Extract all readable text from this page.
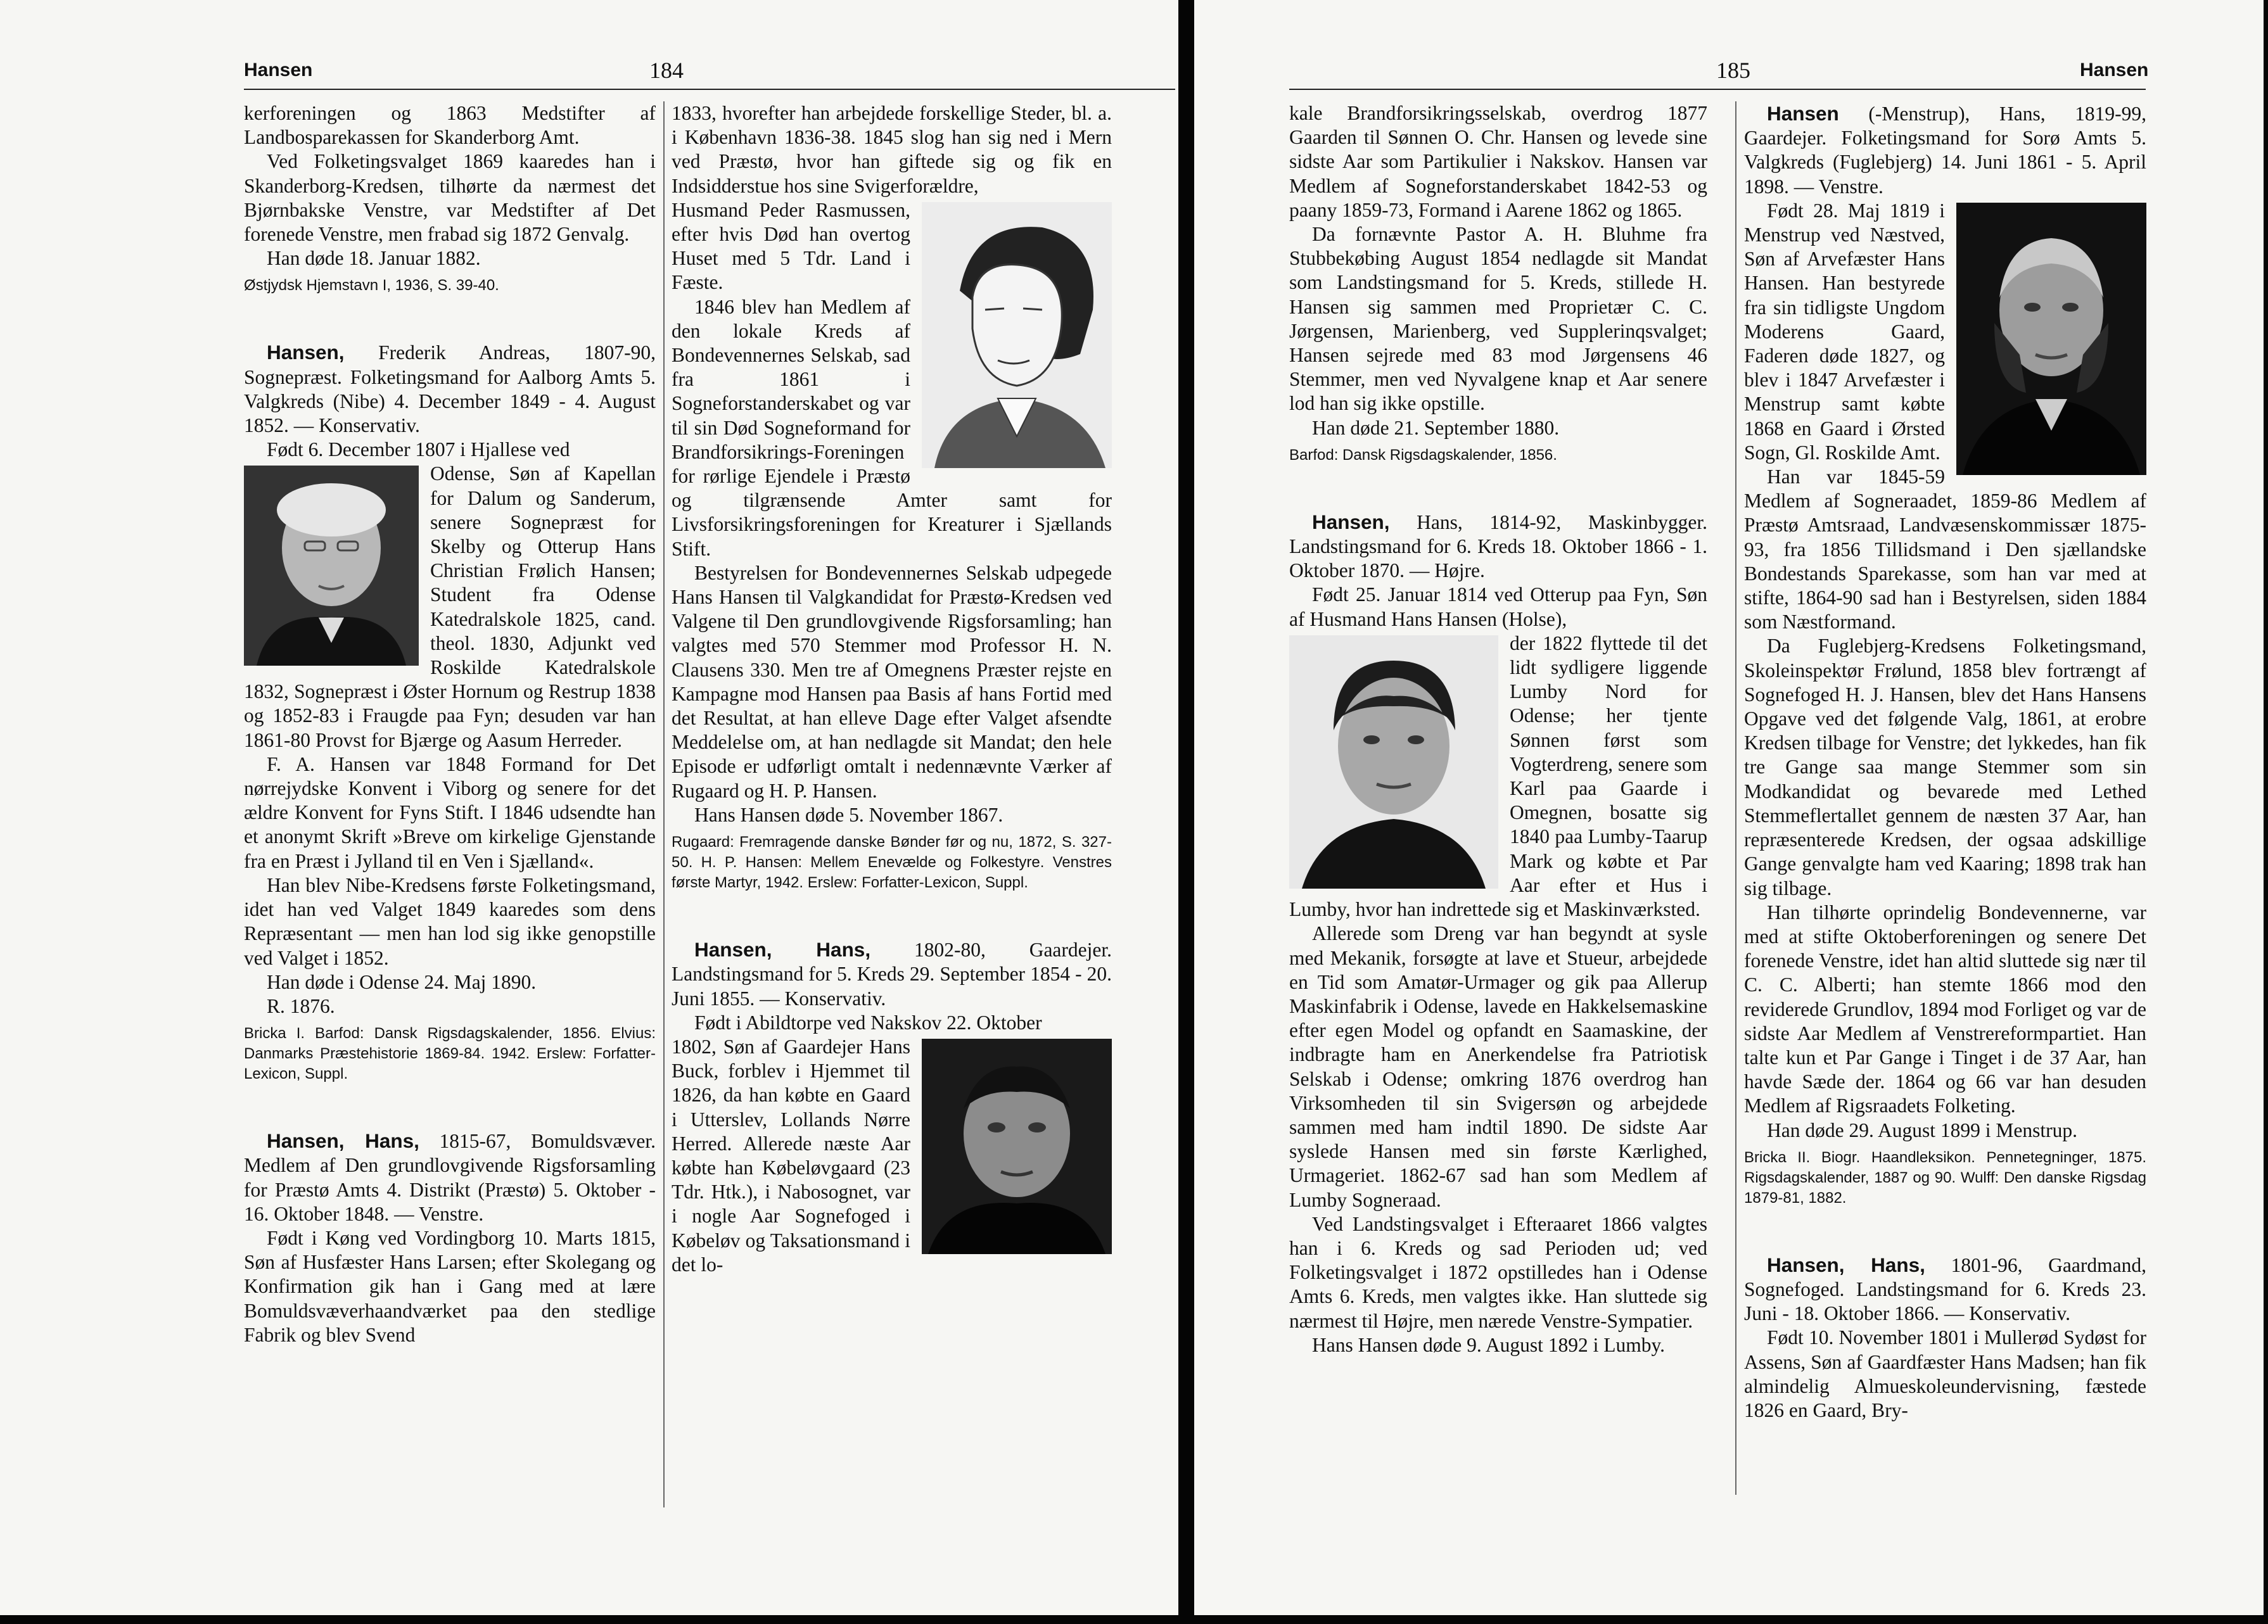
Hansen	184

kerforeningen og 1863 Medstifter af Landbosparekassen for Skanderborg Amt.

Ved Folketingsvalget 1869 kaaredes han i Skanderborg-Kredsen, tilhørte da nærmest det Bjørnbakske Venstre, var Medstifter af Det forenede Venstre, men frabad sig 1872 Genvalg.

Han døde 18. Januar 1882.

Østjydsk Hjemstavn I, 1936, S. 39-40.

Hansen, Frederik Andreas, 1807-90, Sognepræst. Folketingsmand for Aalborg Amts 5. Valgkreds (Nibe) 4. December 1849 - 4. August 1852. — Konservativ.

Født 6. December 1807 i Hjallese ved

Odense, Søn af Kapellan for Dalum og Sanderum, senere Sognepræst for Skelby og Otterup Hans Christian Frølich Hansen; Student fra Odense Katedralskole 1825, cand. theol. 1830, Adjunkt ved Roskilde Katedralskole 1832, Sognepræst i Øster Hornum og Restrup 1838 og 1852-83 i Fraugde paa Fyn; desuden var han 1861-80 Provst for Bjærge og Aasum Herreder.

F. A. Hansen var 1848 Formand for Det nørrejydske Konvent i Viborg og senere for det ældre Konvent for Fyns Stift. I 1846 udsendte han et anonymt Skrift »Breve om kirkelige Gjenstande fra en Præst i Jylland til en Ven i Sjælland«.

Han blev Nibe-Kredsens første Folketingsmand, idet han ved Valget 1849 kaaredes som dens Repræsentant — men han lod sig ikke genopstille ved Valget i 1852.

Han døde i Odense 24. Maj 1890.

R. 1876.

Bricka I. Barfod: Dansk Rigsdagskalender, 1856. Elvius: Danmarks Præstehistorie 1869-84. 1942. Erslew: Forfatter-Lexicon, Suppl.

Hansen, Hans, 1815-67, Bomuldsvæver. Medlem af Den grundlovgivende Rigsforsamling for Præstø Amts 4. Distrikt (Præstø) 5. Oktober - 16. Oktober 1848. — Venstre.

Født i Køng ved Vordingborg 10. Marts 1815, Søn af Husfæster Hans Larsen; efter Skolegang og Konfirmation gik han i Gang med at lære Bomuldsvæverhaandværket paa den stedlige Fabrik og blev Svend

1833, hvorefter han arbejdede forskellige Steder, bl. a. i København 1836-38. 1845 slog han sig ned i Mern ved Præstø, hvor han giftede sig og fik en Indsidderstue hos sine Svigerforældre,

Husmand Peder Rasmussen, efter hvis Død han overtog Huset med 5 Tdr. Land i Fæste.

1846 blev han Medlem af den lokale Kreds af Bondevennernes Selskab, sad fra 1861 i Sogneforstanderskabet og var til sin Død Sogneformand for Brandforsikrings-Foreningen for rørlige Ejendele i Præstø og tilgrænsende Amter samt for Livsforsikringsforeningen for Kreaturer i Sjællands Stift.

Bestyrelsen for Bondevennernes Selskab udpegede Hans Hansen til Valgkandidat for Præstø-Kredsen ved Valgene til Den grundlovgivende Rigsforsamling; han valgtes med 570 Stemmer mod Professor H. N. Clausens 330. Men tre af Omegnens Præster rejste en Kampagne mod Hansen paa Basis af hans Fortid med det Resultat, at han elleve Dage efter Valget afsendte Meddelelse om, at han nedlagde sit Mandat; den hele Episode er udførligt omtalt i nedennævnte Værker af Rugaard og H. P. Hansen.

Hans Hansen døde 5. November 1867.

Rugaard: Fremragende danske Bønder før og nu, 1872, S. 327-50. H. P. Hansen: Mellem Enevælde og Folkestyre. Venstres første Martyr, 1942. Erslew: Forfatter-Lexicon, Suppl.

Hansen, Hans, 1802-80, Gaardejer. Landstingsmand for 5. Kreds 29. September 1854 - 20. Juni 1855. — Konservativ.

Født i Abildtorpe ved Nakskov 22. Oktober

1802, Søn af Gaardejer Hans Buck, forblev i Hjemmet til 1826, da han købte en Gaard i Utterslev, Lollands Nørre Herred. Allerede næste Aar købte han Købeløvgaard (23 Tdr. Htk.), i Nabosognet, var i nogle Aar Sognefoged i Købeløv og Taksationsmand i det lo-

185	Hansen

kale Brandforsikringsselskab, overdrog 1877 Gaarden til Sønnen O. Chr. Hansen og levede sine sidste Aar som Partikulier i Nakskov. Hansen var Medlem af Sogneforstanderskabet 1842-53 og paany 1859-73, Formand i Aarene 1862 og 1865.

Da fornævnte Pastor A. H. Bluhme fra Stubbekøbing August 1854 nedlagde sit Mandat som Landstingsmand for 5. Kreds, stillede H. Hansen sig sammen med Proprietær C. C. Jørgensen, Marienberg, ved Supplerinqsvalget; Hansen sejrede med 83 mod Jørgensens 46 Stemmer, men ved Nyvalgene knap et Aar senere lod han sig ikke opstille.

Han døde 21. September 1880.

Barfod: Dansk Rigsdagskalender, 1856.

Hansen, Hans, 1814-92, Maskinbygger. Landstingsmand for 6. Kreds 18. Oktober 1866 - 1. Oktober 1870. — Højre.

Født 25. Januar 1814 ved Otterup paa Fyn, Søn af Husmand Hans Hansen (Holse),

der 1822 flyttede til det lidt sydligere liggende Lumby Nord for Odense; her tjente Sønnen først som Vogterdreng, senere som Karl paa Gaarde i Omegnen, bosatte sig 1840 paa Lumby-Taarup Mark og købte et Par Aar efter et Hus i Lumby, hvor han indrettede sig et Maskinværksted.

Allerede som Dreng var han begyndt at sysle med Mekanik, forsøgte at lave et Stueur, arbejdede en Tid som Amatør-Urmager og gik paa Allerup Maskinfabrik i Odense, lavede en Hakkelsemaskine efter egen Model og opfandt en Saamaskine, der indbragte ham en Anerkendelse fra Patriotisk Selskab i Odense; omkring 1876 overdrog han Virksomheden til sin Svigersøn og arbejdede sammen med ham indtil 1890. De sidste Aar syslede Hansen med sin første Kærlighed, Urmageriet. 1862-67 sad han som Medlem af Lumby Sogneraad.

Ved Landstingsvalget i Efteraaret 1866 valgtes han i 6. Kreds og sad Perioden ud; ved Folketingsvalget i 1872 opstilledes han i Odense Amts 6. Kreds, men valgtes ikke. Han sluttede sig nærmest til Højre, men nærede Venstre-Sympatier.

Hans Hansen døde 9. August 1892 i Lumby.

Hansen (-Menstrup), Hans, 1819-99, Gaardejer. Folketingsmand for Sorø Amts 5. Valgkreds (Fuglebjerg) 14. Juni 1861 - 5. April 1898. — Venstre.

Født 28. Maj 1819 i Menstrup ved Næstved, Søn af Arvefæster Hans Hansen. Han bestyrede fra sin tidligste Ungdom Moderens Gaard, Faderen døde 1827, og blev i 1847 Arvefæster i Menstrup samt købte 1868 en Gaard i Ørsted Sogn, Gl. Roskilde Amt.

Han var 1845-59 Medlem af Sogneraadet, 1859-86 Medlem af Præstø Amtsraad, Landvæsenskommissær 1875-93, fra 1856 Tillidsmand i Den sjællandske Bondestands Sparekasse, som han var med at stifte, 1864-90 sad han i Bestyrelsen, siden 1884 som Næstformand.

Da Fuglebjerg-Kredsens Folketingsmand, Skoleinspektør Frølund, 1858 blev fortrængt af Sognefoged H. J. Hansen, blev det Hans Hansens Opgave ved det følgende Valg, 1861, at erobre Kredsen tilbage for Venstre; det lykkedes, han fik tre Gange saa mange Stemmer som sin Modkandidat og bevarede med Lethed Stemmeflertallet gennem de næsten 37 Aar, han repræsenterede Kredsen, der ogsaa adskillige Gange genvalgte ham ved Kaaring; 1898 trak han sig tilbage.

Han tilhørte oprindelig Bondevennerne, var med at stifte Oktoberforeningen og senere Det forenede Venstre, idet han altid sluttede sig nær til C. C. Alberti; han stemte 1866 mod den reviderede Grundlov, 1894 mod Forliget og var de sidste Aar Medlem af Venstrereformpartiet. Han talte kun et Par Gange i Tinget i de 37 Aar, han havde Sæde der. 1864 og 66 var han desuden Medlem af Rigsraadets Folketing.

Han døde 29. August 1899 i Menstrup.

Bricka II. Biogr. Haandleksikon. Pennetegninger, 1875. Rigsdagskalender, 1887 og 90. Wulff: Den danske Rigsdag 1879-81, 1882.

Hansen, Hans, 1801-96, Gaardmand, Sognefoged. Landstingsmand for 6. Kreds 23. Juni - 18. Oktober 1866. — Konservativ.

Født 10. November 1801 i Mullerød Sydøst for Assens, Søn af Gaardfæster Hans Madsen; han fik almindelig Almueskoleundervisning, fæstede 1826 en Gaard, Bry-
